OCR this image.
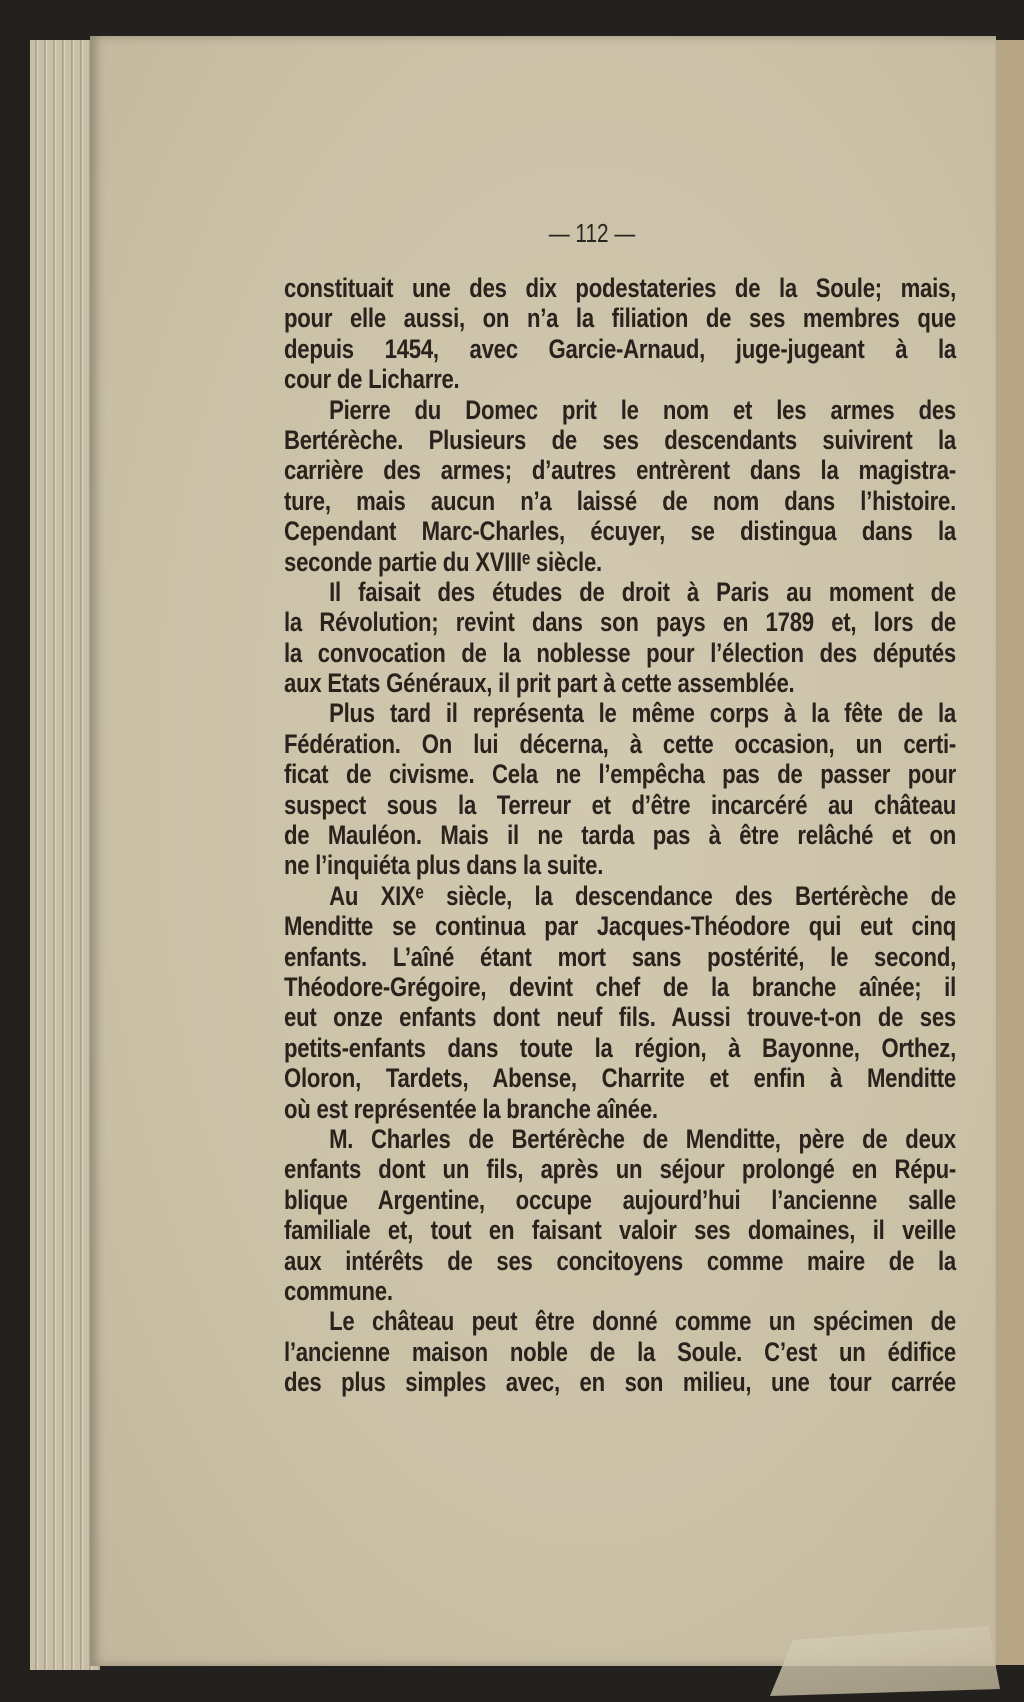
— 112 —
constituait une des dix podestateries de la Soule; mais,
pour elle aussi, on n’a la filiation de ses membres que
depuis 1454, avec Garcie-Arnaud, juge-jugeant à la
cour de Licharre.
Pierre du Domec prit le nom et les armes des
Bertérèche. Plusieurs de ses descendants suivirent la
carrière des armes; d’autres entrèrent dans la magistra-
ture, mais aucun n’a laissé de nom dans l’histoire.
Cependant Marc-Charles, écuyer, se distingua dans la
seconde partie du XVIIIᵉ siècle.
Il faisait des études de droit à Paris au moment de
la Révolution; revint dans son pays en 1789 et, lors de
la convocation de la noblesse pour l’élection des députés
aux Etats Généraux, il prit part à cette assemblée.
Plus tard il représenta le même corps à la fête de la
Fédération. On lui décerna, à cette occasion, un certi-
ficat de civisme. Cela ne l’empêcha pas de passer pour
suspect sous la Terreur et d’être incarcéré au château
de Mauléon. Mais il ne tarda pas à être relâché et on
ne l’inquiéta plus dans la suite.
Au XIXᵉ siècle, la descendance des Bertérèche de
Menditte se continua par Jacques-Théodore qui eut cinq
enfants. L’aîné étant mort sans postérité, le second,
Théodore-Grégoire, devint chef de la branche aînée; il
eut onze enfants dont neuf fils. Aussi trouve-t-on de ses
petits-enfants dans toute la région, à Bayonne, Orthez,
Oloron, Tardets, Abense, Charrite et enfin à Menditte
où est représentée la branche aînée.
M. Charles de Bertérèche de Menditte, père de deux
enfants dont un fils, après un séjour prolongé en Répu-
blique Argentine, occupe aujourd’hui l’ancienne salle
familiale et, tout en faisant valoir ses domaines, il veille
aux intérêts de ses concitoyens comme maire de la
commune.
Le château peut être donné comme un spécimen de
l’ancienne maison noble de la Soule. C’est un édifice
des plus simples avec, en son milieu, une tour carrée
